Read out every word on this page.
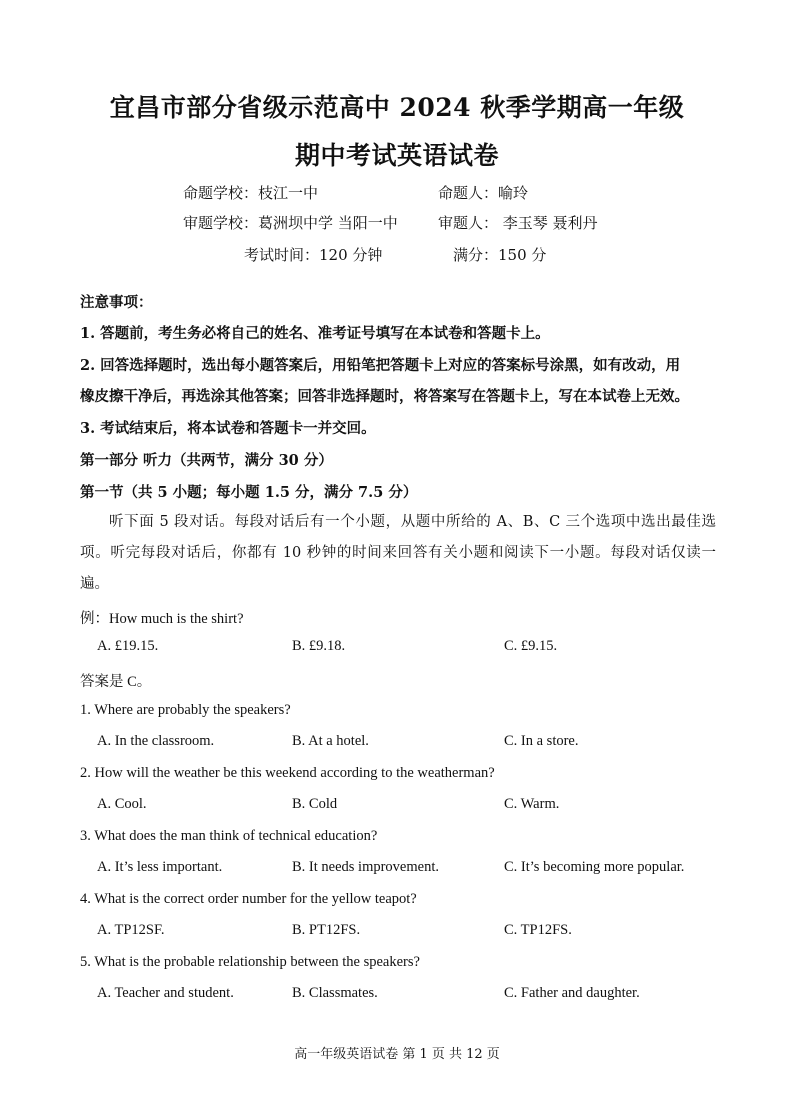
宜昌市部分省级示范高中 2024 秋季学期高一年级
期中考试英语试卷
命题学校：枝江一中	命题人：喻玲
审题学校：葛洲坝中学 当阳一中	审题人： 李玉琴 聂利丹
考试时间：120 分钟	满分：150 分
注意事项：
1. 答题前，考生务必将自己的姓名、准考证号填写在本试卷和答题卡上。
2. 回答选择题时，选出每小题答案后，用铅笔把答题卡上对应的答案标号涂黑，如有改动，用
橡皮擦干净后，再选涂其他答案；回答非选择题时，将答案写在答题卡上，写在本试卷上无效。
3. 考试结束后，将本试卷和答题卡一并交回。
第一部分 听力（共两节，满分 30 分）
第一节（共 5 小题；每小题 1.5 分，满分 7.5 分）
听下面 5 段对话。每段对话后有一个小题，从题中所给的 A、B、C 三个选项中选出最佳选项。听完每段对话后，你都有 10 秒钟的时间来回答有关小题和阅读下一小题。每段对话仅读一遍。
例：How much is the shirt?
A. £19.15.	B. £9.18.	C. £9.15.
答案是 C。
1. Where are probably the speakers?
A. In the classroom.	B. At a hotel.	C. In a store.
2. How will the weather be this weekend according to the weatherman?
A. Cool.	B. Cold	C. Warm.
3. What does the man think of technical education?
A. It’s less important.	B. It needs improvement.	C. It’s becoming more popular.
4. What is the correct order number for the yellow teapot?
A. TP12SF.	B. PT12FS.	C. TP12FS.
5. What is the probable relationship between the speakers?
A. Teacher and student.	B. Classmates.	C. Father and daughter.
高一年级英语试卷 第 1 页 共 12 页
